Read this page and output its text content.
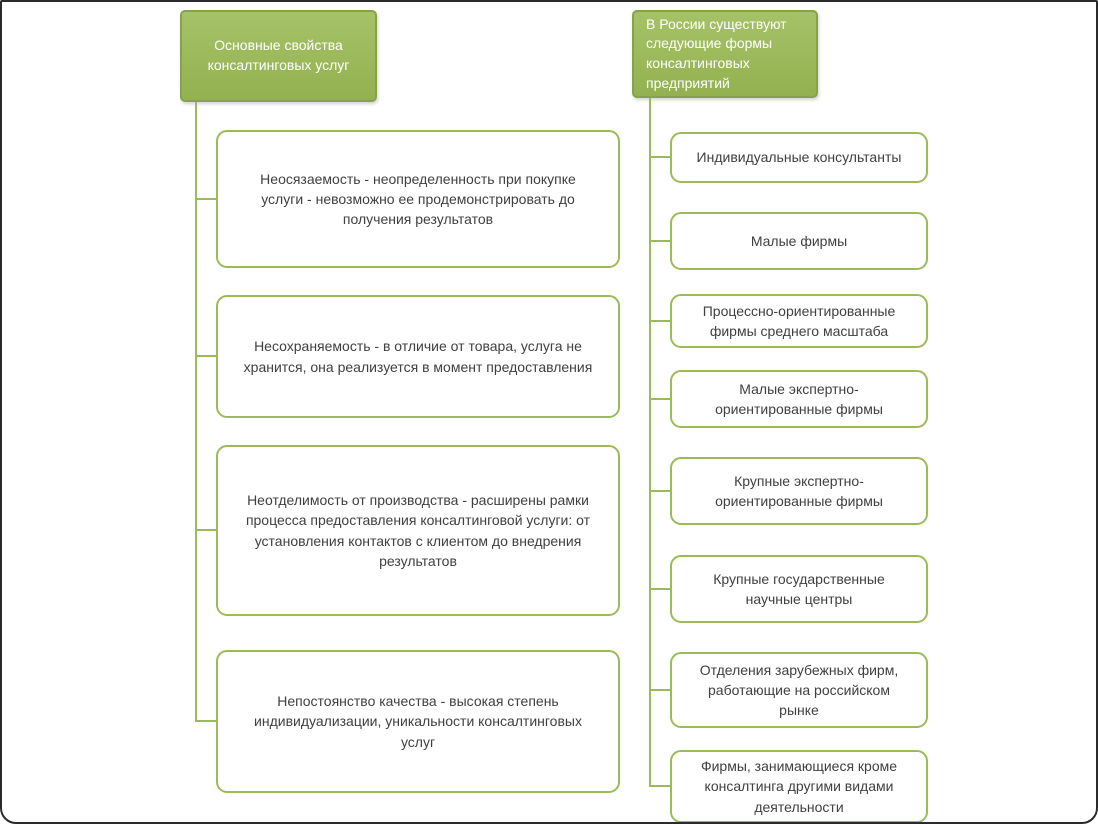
Основные свойства консалтинговых услуг
Неосязаемость - неопределенность при покупке услуги - невозможно ее продемонстрировать до получения результатов
Несохраняемость - в отличие от товара, услуга не хранится, она реализуется в момент предоставления
Неотделимость от производства - расширены рамки процесса предоставления консалтинговой услуги: от установления контактов с клиентом до внедрения результатов
Непостоянство качества - высокая степень индивидуализации, уникальности консалтинговых услуг
В России существуют следующие формы консалтинговых предприятий
Индивидуальные консультанты
Малые фирмы
Процессно-ориентированные фирмы среднего масштаба
Малые экспертно-ориентированные фирмы
Крупные экспертно-ориентированные фирмы
Крупные государственные научные центры
Отделения зарубежных фирм, работающие на российском рынке
Фирмы, занимающиеся кроме консалтинга другими видами деятельности
